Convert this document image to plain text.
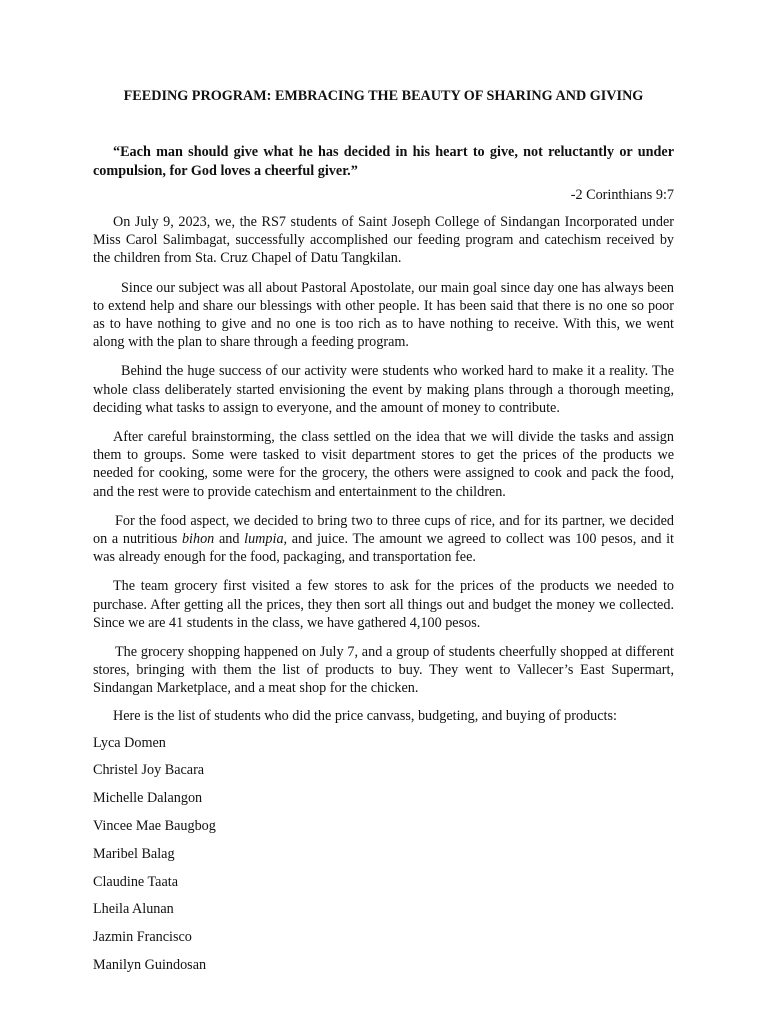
FEEDING PROGRAM: EMBRACING THE BEAUTY OF SHARING AND GIVING

“Each man should give what he has decided in his heart to give, not reluctantly or under compulsion, for God loves a cheerful giver.”

-2 Corinthians 9:7

On July 9, 2023, we, the RS7 students of Saint Joseph College of Sindangan Incorporated under Miss Carol Salimbagat, successfully accomplished our feeding program and catechism received by the children from Sta. Cruz Chapel of Datu Tangkilan.

Since our subject was all about Pastoral Apostolate, our main goal since day one has always been to extend help and share our blessings with other people. It has been said that there is no one so poor as to have nothing to give and no one is too rich as to have nothing to receive. With this, we went along with the plan to share through a feeding program.

Behind the huge success of our activity were students who worked hard to make it a reality. The whole class deliberately started envisioning the event by making plans through a thorough meeting, deciding what tasks to assign to everyone, and the amount of money to contribute.

After careful brainstorming, the class settled on the idea that we will divide the tasks and assign them to groups. Some were tasked to visit department stores to get the prices of the products we needed for cooking, some were for the grocery, the others were assigned to cook and pack the food, and the rest were to provide catechism and entertainment to the children.

For the food aspect, we decided to bring two to three cups of rice, and for its partner, we decided on a nutritious bihon and lumpia, and juice. The amount we agreed to collect was 100 pesos, and it was already enough for the food, packaging, and transportation fee.

The team grocery first visited a few stores to ask for the prices of the products we needed to purchase. After getting all the prices, they then sort all things out and budget the money we collected. Since we are 41 students in the class, we have gathered 4,100 pesos.

The grocery shopping happened on July 7, and a group of students cheerfully shopped at different stores, bringing with them the list of products to buy. They went to Vallecer’s East Supermart, Sindangan Marketplace, and a meat shop for the chicken.

Here is the list of students who did the price canvass, budgeting, and buying of products:

Lyca Domen
Christel Joy Bacara
Michelle Dalangon
Vincee Mae Baugbog
Maribel Balag
Claudine Taata
Lheila Alunan
Jazmin Francisco
Manilyn Guindosan
